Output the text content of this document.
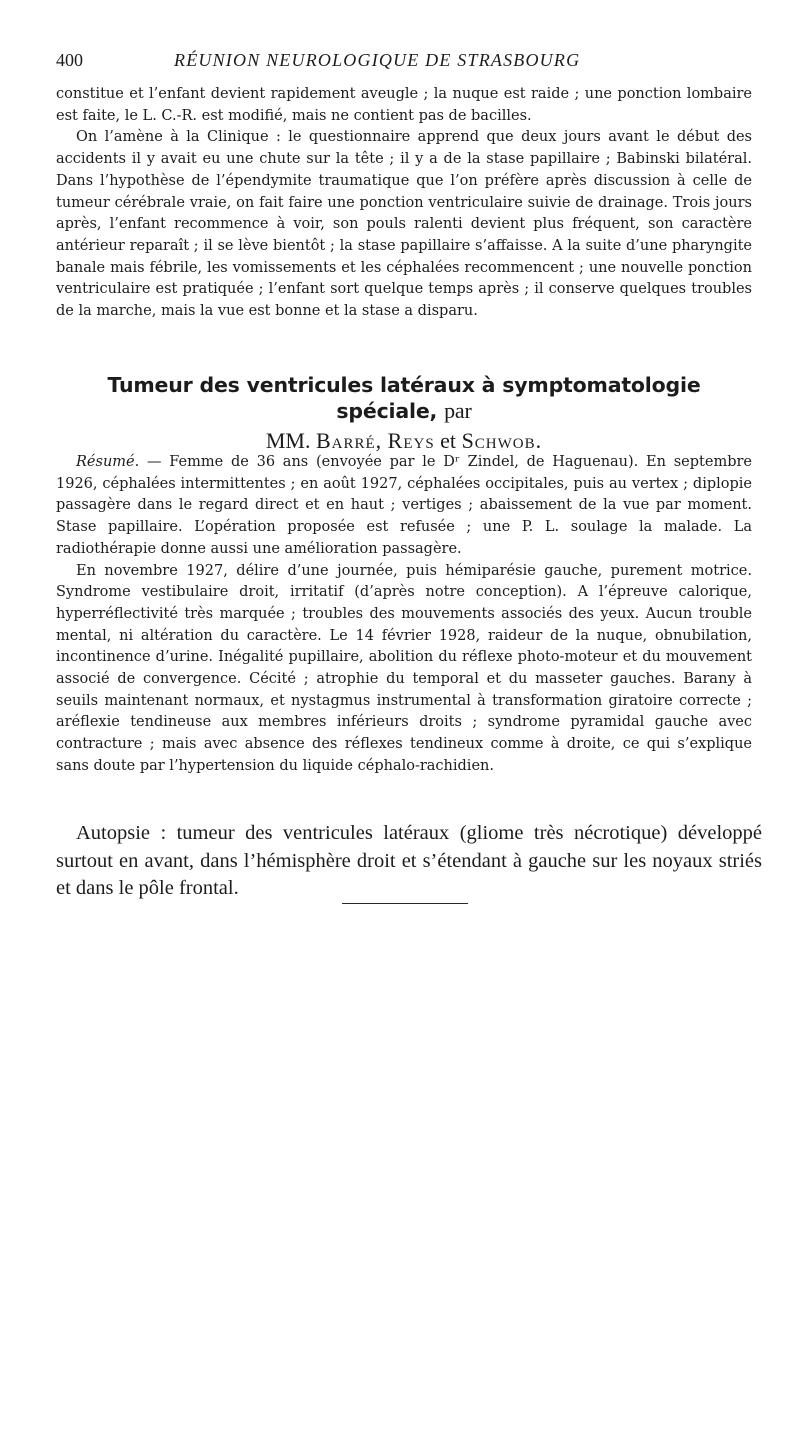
400	RÉUNION NEUROLOGIQUE DE STRASBOURG

constitue et l’enfant devient rapidement aveugle ; la nuque est raide ; une ponction lombaire est faite, le L. C.-R. est modifié, mais ne contient pas de bacilles.

On l’amène à la Clinique : le questionnaire apprend que deux jours avant le début des accidents il y avait eu une chute sur la tête ; il y a de la stase papillaire ; Babinski bilatéral. Dans l’hypothèse de l’épendymite traumatique que l’on préfère après discussion à celle de tumeur cérébrale vraie, on fait faire une ponction ventriculaire suivie de drainage. Trois jours après, l’enfant recommence à voir, son pouls ralenti devient plus fréquent, son caractère antérieur reparaît ; il se lève bientôt ; la stase papillaire s’affaisse. A la suite d’une pharyngite banale mais fébrile, les vomissements et les céphalées recommencent ; une nouvelle ponction ventriculaire est pratiquée ; l’enfant sort quelque temps après ; il conserve quelques troubles de la marche, mais la vue est bonne et la stase a disparu.

Tumeur des ventricules latéraux à symptomatologie spéciale, par
MM. Barré, Reys et Schwob.

Résumé. — Femme de 36 ans (envoyée par le Dʳ Zindel, de Haguenau). En septembre 1926, céphalées intermittentes ; en août 1927, céphalées occipitales, puis au vertex ; diplopie passagère dans le regard direct et en haut ; vertiges ; abaissement de la vue par moment. Stase papillaire. L’opération proposée est refusée ; une P. L. soulage la malade. La radiothérapie donne aussi une amélioration passagère.

En novembre 1927, délire d’une journée, puis hémiparésie gauche, purement motrice. Syndrome vestibulaire droit, irritatif (d’après notre conception). A l’épreuve calorique, hyperréflectivité très marquée ; troubles des mouvements associés des yeux. Aucun trouble mental, ni altération du caractère. Le 14 février 1928, raideur de la nuque, obnubilation, incontinence d’urine. Inégalité pupillaire, abolition du réflexe photo-moteur et du mouvement associé de convergence. Cécité ; atrophie du temporal et du masseter gauches. Barany à seuils maintenant normaux, et nystagmus instrumental à transformation giratoire correcte ; aréflexie tendineuse aux membres inférieurs droits ; syndrome pyramidal gauche avec contracture ; mais avec absence des réflexes tendineux comme à droite, ce qui s’explique sans doute par l’hypertension du liquide céphalo-rachidien.

Autopsie : tumeur des ventricules latéraux (gliome très nécrotique) développé surtout en avant, dans l’hémisphère droit et s’étendant à gauche sur les noyaux striés et dans le pôle frontal.
